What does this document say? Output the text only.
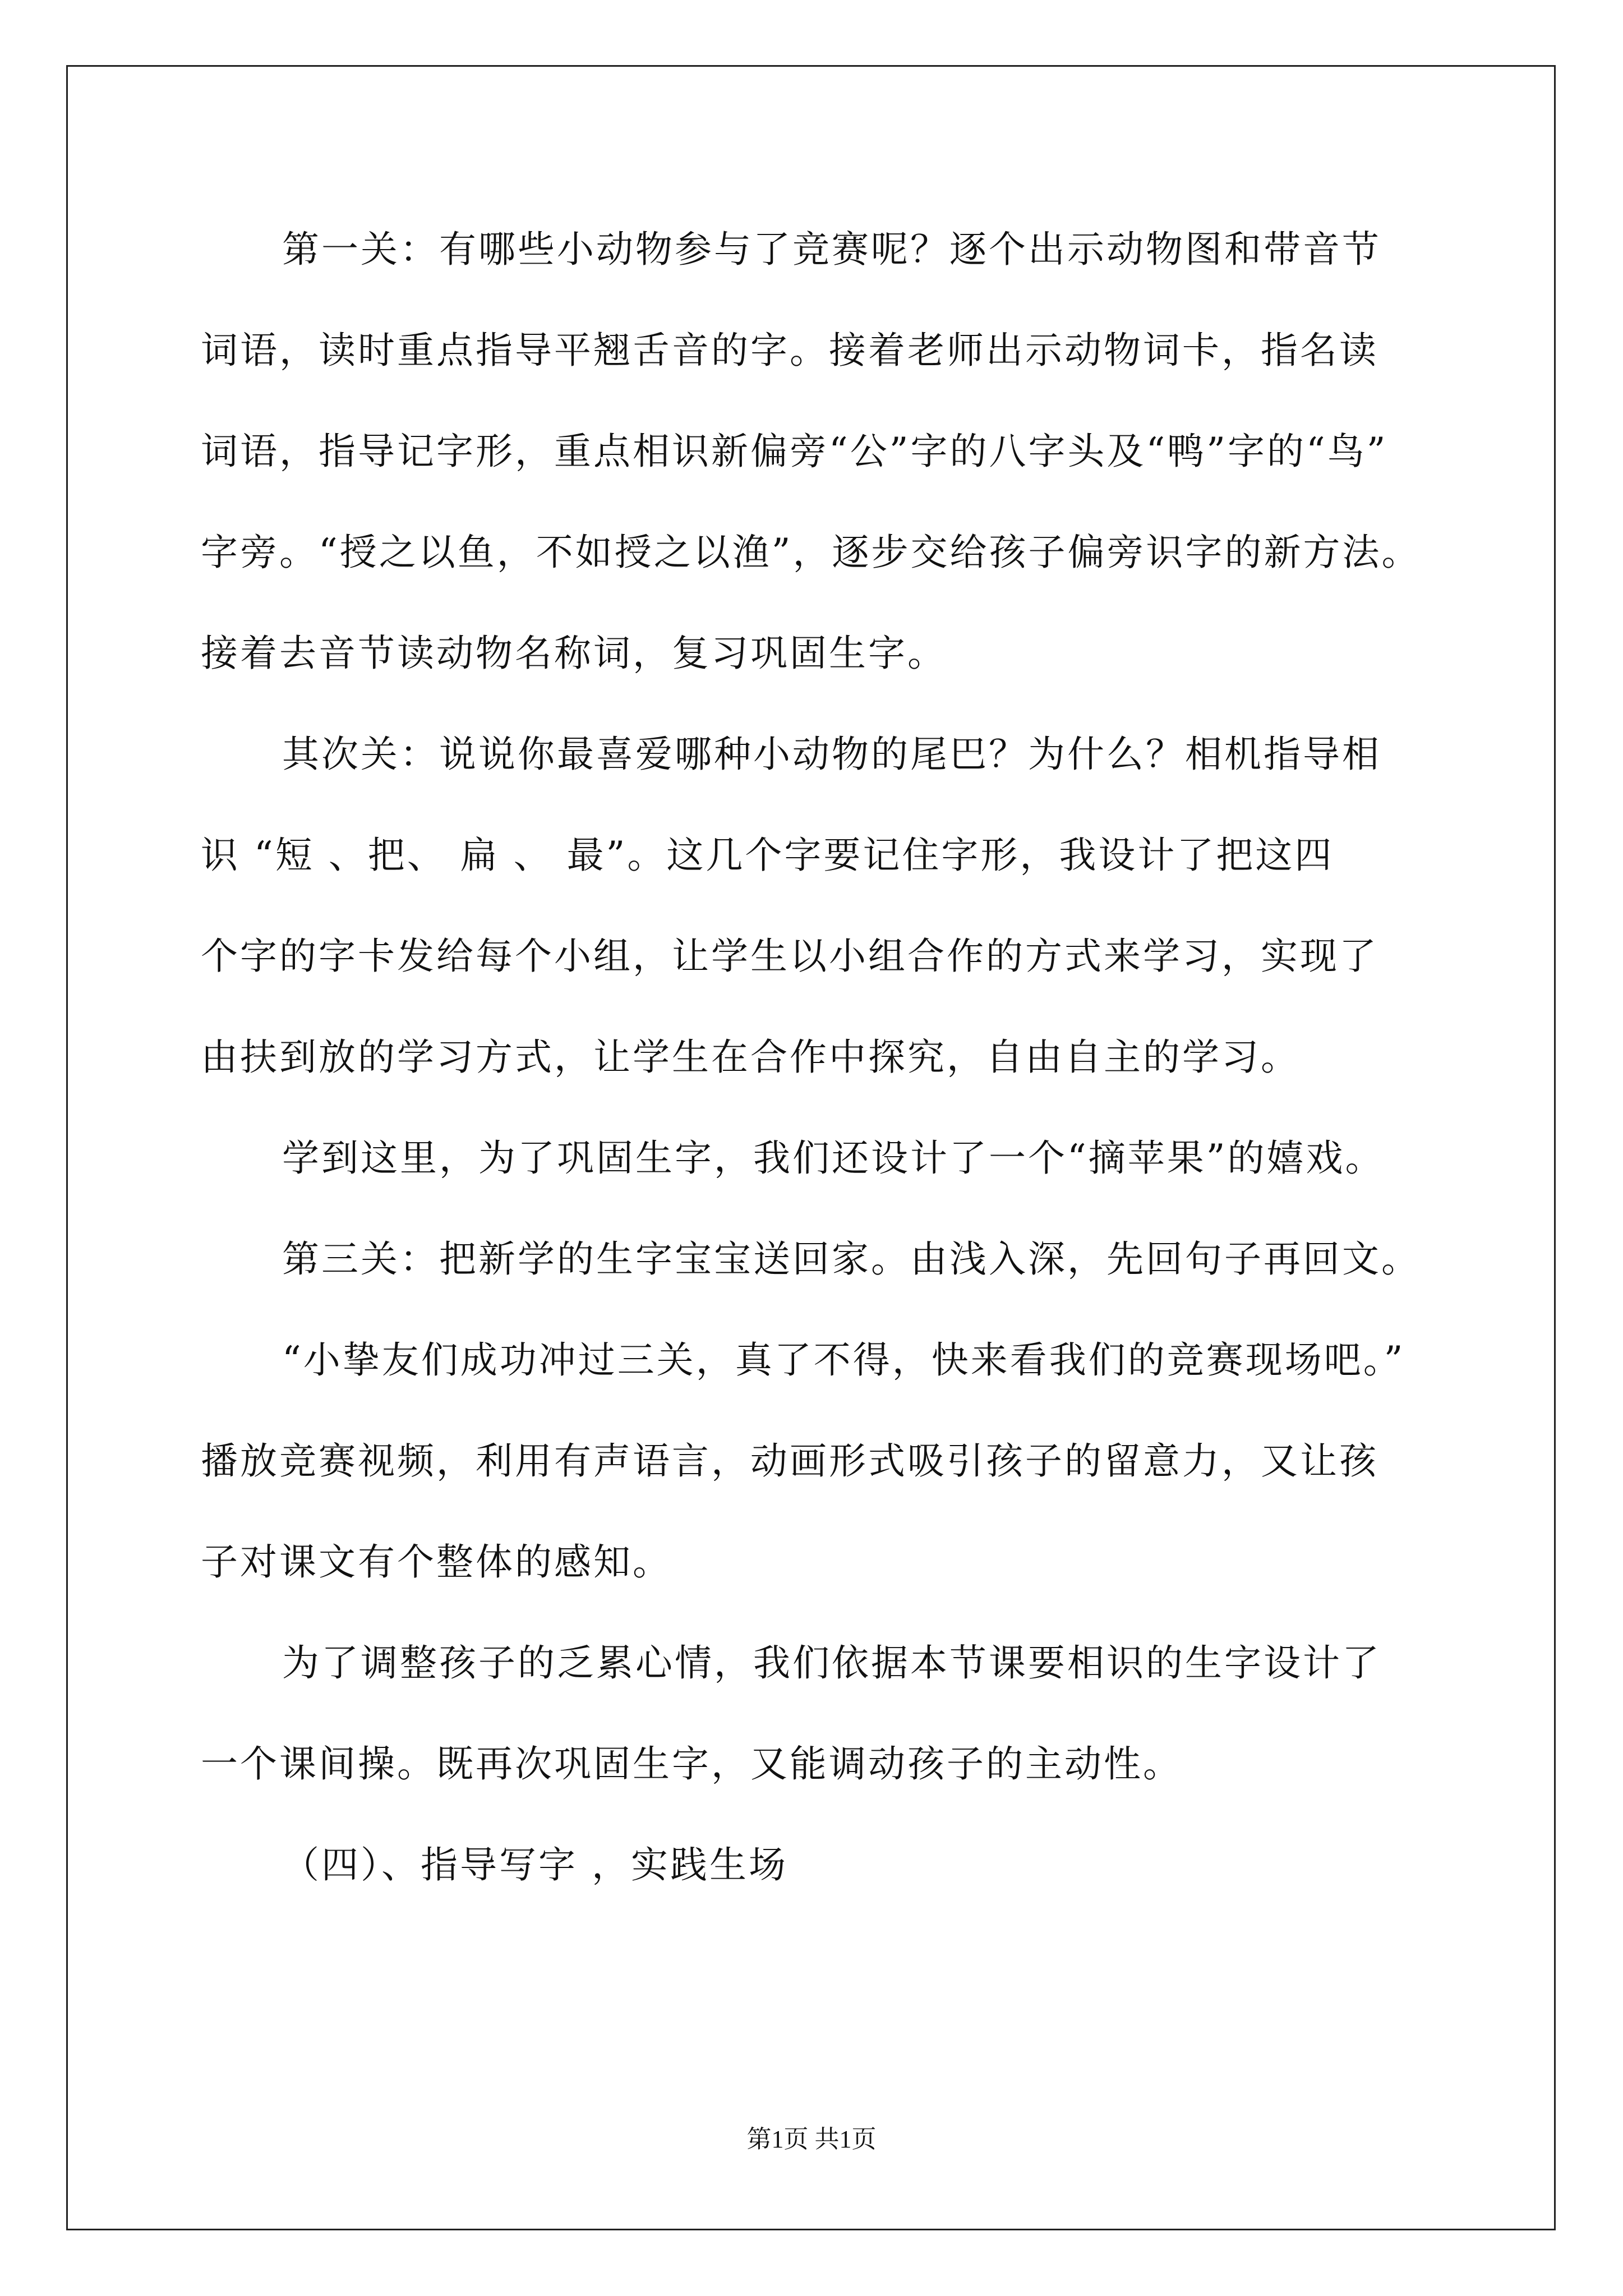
第一关：有哪些小动物参与了竞赛呢？逐个出示动物图和带音节
词语，读时重点指导平翘舌音的字。接着老师出示动物词卡，指名读
词语，指导记字形，重点相识新偏旁“公”字的八字头及“鸭”字的“鸟”
字旁。“授之以鱼，不如授之以渔”，逐步交给孩子偏旁识字的新方法。
接着去音节读动物名称词，复习巩固生字。
其次关：说说你最喜爱哪种小动物的尾巴？为什么？相机指导相
识 “短 、把、 扁 、 最”。这几个字要记住字形，我设计了把这四
个字的字卡发给每个小组，让学生以小组合作的方式来学习，实现了
由扶到放的学习方式，让学生在合作中探究，自由自主的学习。
学到这里，为了巩固生字，我们还设计了一个“摘苹果”的嬉戏。
第三关：把新学的生字宝宝送回家。由浅入深，先回句子再回文。
“小挚友们成功冲过三关，真了不得，快来看我们的竞赛现场吧。”
播放竞赛视频，利用有声语言，动画形式吸引孩子的留意力，又让孩
子对课文有个整体的感知。
为了调整孩子的乏累心情，我们依据本节课要相识的生字设计了
一个课间操。既再次巩固生字，又能调动孩子的主动性。
（四）、指导写字 ，实践生场
第1页 共1页
